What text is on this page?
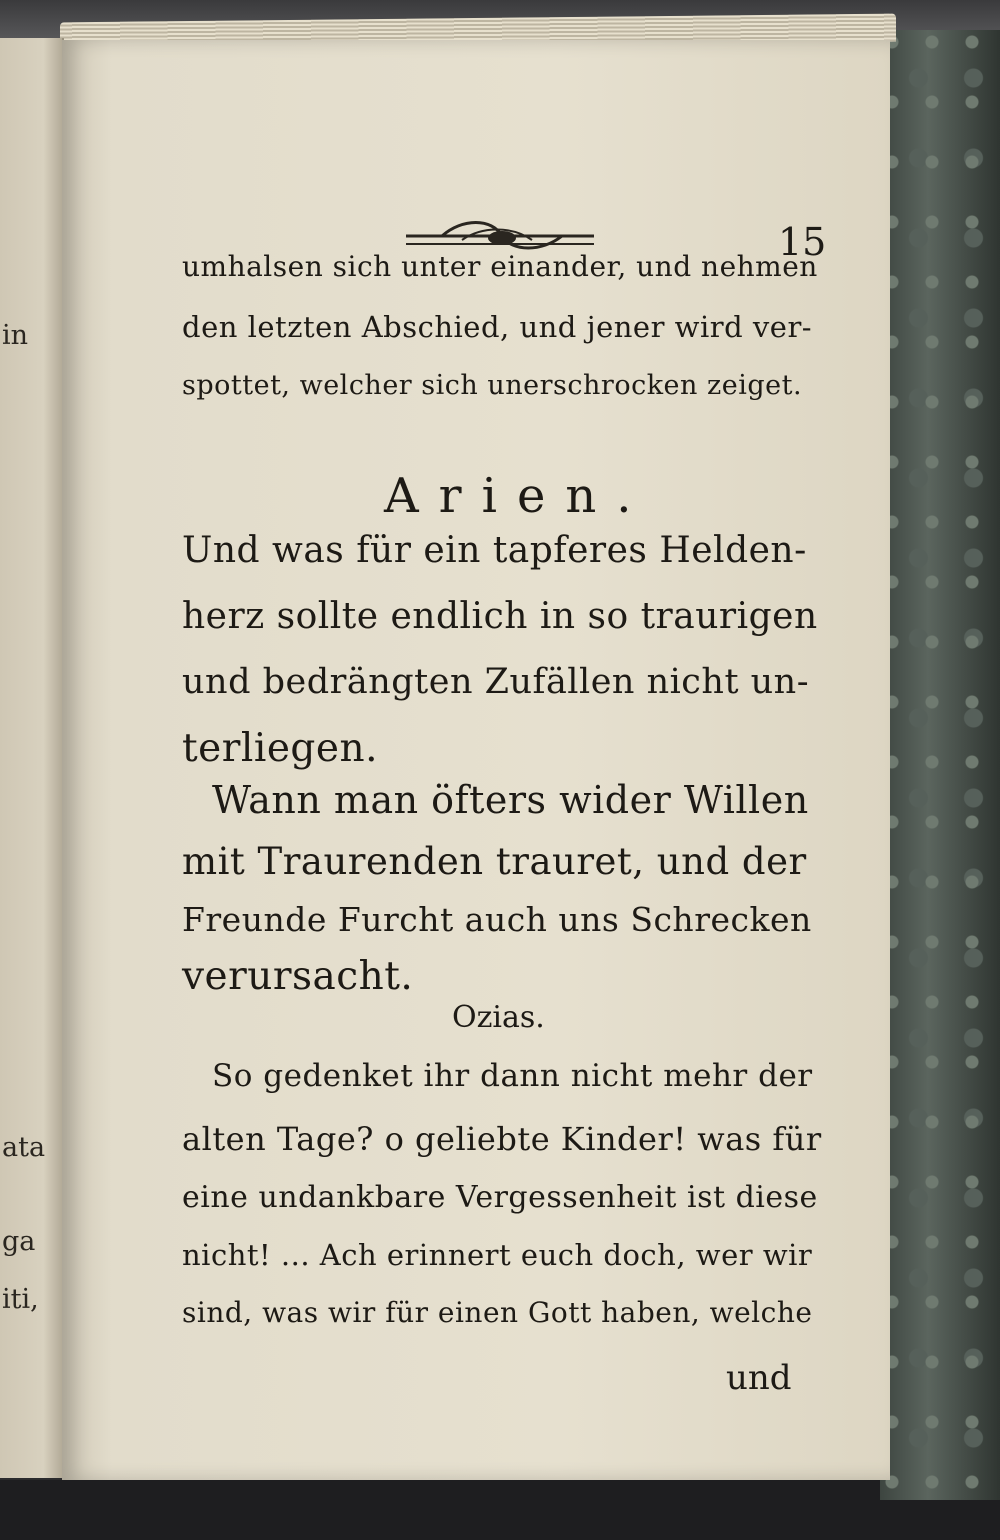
in
ata
ga
iti,
15
umhalsen sich unter einander, und nehmen
den letzten Abschied, und jener wird ver-
spottet, welcher sich unerschrocken zeiget.
Arien.
Und was für ein tapferes Helden-
herz sollte endlich in so traurigen
und bedrängten Zufällen nicht un-
terliegen.
Wann man öfters wider Willen
mit Traurenden trauret, und der
Freunde Furcht auch uns Schrecken
verursacht.
Ozias.
So gedenket ihr dann nicht mehr der
alten Tage? o geliebte Kinder! was für
eine undankbare Vergessenheit ist diese
nicht! ... Ach erinnert euch doch, wer wir
sind, was wir für einen Gott haben, welche
und
